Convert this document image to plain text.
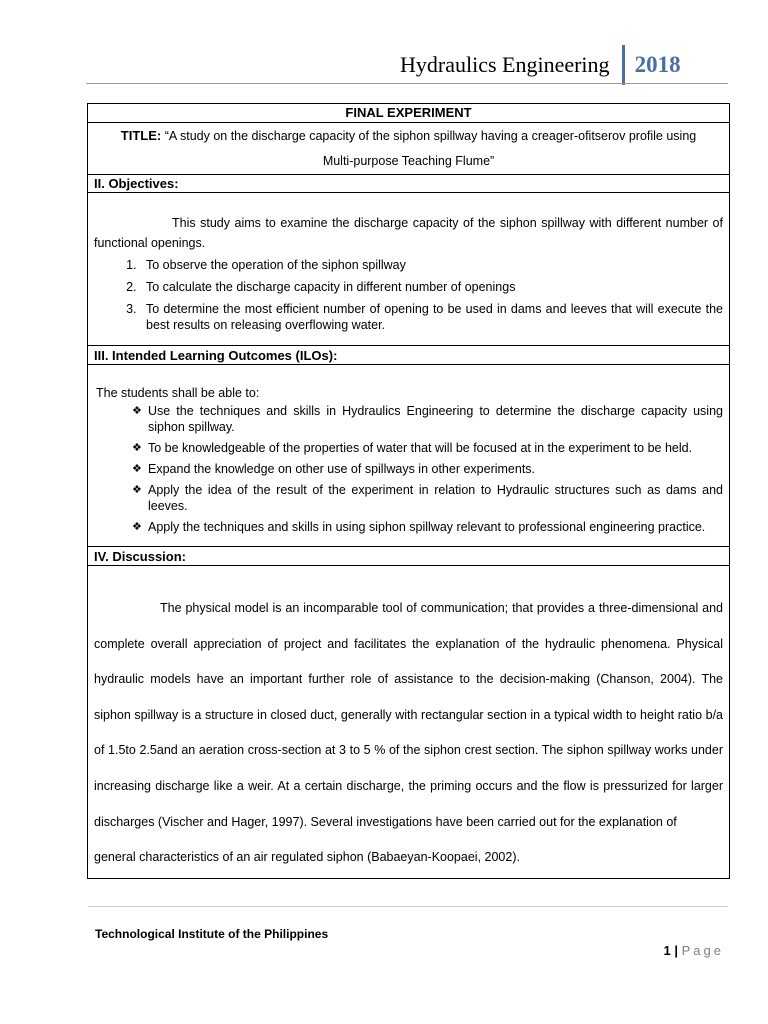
Hydraulics Engineering	2018
FINAL EXPERIMENT
TITLE: “A study on the discharge capacity of the siphon spillway having a creager-ofitserov profile using Multi-purpose Teaching Flume”
II. Objectives:

This study aims to examine the discharge capacity of the siphon spillway with different number of functional openings.

1. To observe the operation of the siphon spillway
2. To calculate the discharge capacity in different number of openings
3. To determine the most efficient number of opening to be used in dams and leeves that will execute the best results on releasing overflowing water.

III. Intended Learning Outcomes (ILOs):

The students shall be able to:

❖ Use the techniques and skills in Hydraulics Engineering to determine the discharge capacity using siphon spillway.
❖ To be knowledgeable of the properties of water that will be focused at in the experiment to be held.
❖ Expand the knowledge on other use of spillways in other experiments.
❖ Apply the idea of the result of the experiment in relation to Hydraulic structures such as dams and leeves.
❖ Apply the techniques and skills in using siphon spillway relevant to professional engineering practice.

IV. Discussion:

The physical model is an incomparable tool of communication; that provides a three-dimensional and complete overall appreciation of project and facilitates the explanation of the hydraulic phenomena. Physical hydraulic models have an important further role of assistance to the decision-making (Chanson, 2004). The siphon spillway is a structure in closed duct, generally with rectangular section in a typical width to height ratio b/a of 1.5to 2.5and an aeration cross-section at 3 to 5 % of the siphon crest section. The siphon spillway works under increasing discharge like a weir. At a certain discharge, the priming occurs and the flow is pressurized for larger discharges (Vischer and Hager, 1997). Several investigations have been carried out for the explanation of

general characteristics of an air regulated siphon (Babaeyan-Koopaei, 2002).

Technological Institute of the Philippines
1 | Page
